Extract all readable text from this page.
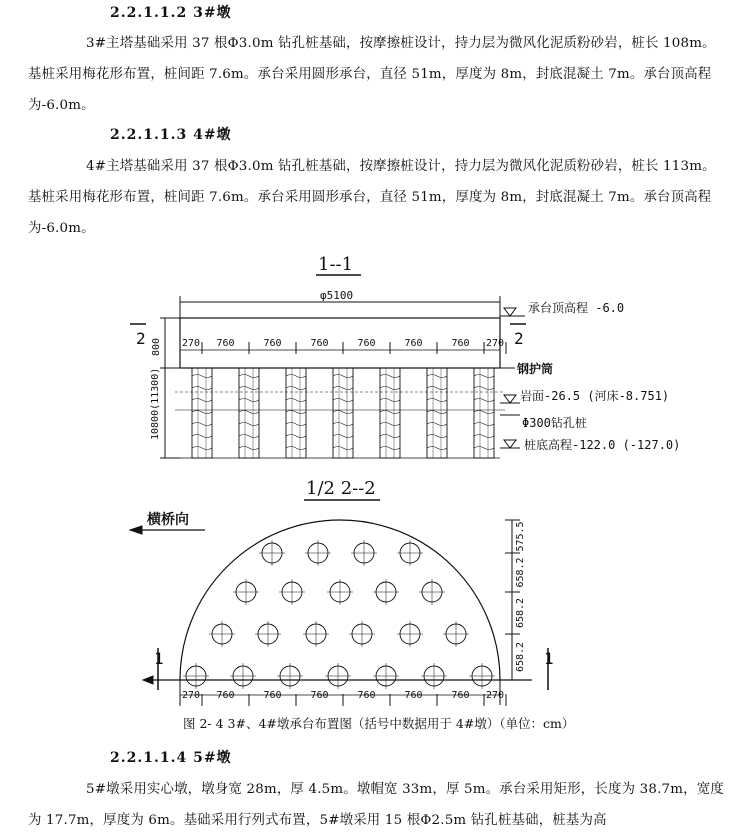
2.2.1.1.2 3#墩
3#主塔基础采用 37 根Φ3.0m 钻孔桩基础，按摩擦桩设计，持力层为微风化泥质粉砂岩，桩长 108m。基桩采用梅花形布置，桩间距 7.6m。承台采用圆形承台，直径 51m，厚度为 8m，封底混凝土 7m。承台顶高程为-6.0m。
2.2.1.1.3 4#墩
4#主塔基础采用 37 根Φ3.0m 钻孔桩基础，按摩擦桩设计，持力层为微风化泥质粉砂岩，桩长 113m。基桩采用梅花形布置，桩间距 7.6m。承台采用圆形承台，直径 51m，厚度为 8m，封底混凝土 7m。承台顶高程为-6.0m。
1--1
φ5100
承台顶高程 -6.0
2	2
270 760	760	760	760	760	760 270
800
10800(11300)	钢护筒
岩面-26.5 (河床-8.751)
Φ300钻孔桩
桩底高程-122.0 (-127.0)
1/2 2--2
横桥向
1	1
270 760	760	760	760	760	760 270
575.5
658.2
658.2
658.2
图 2- 4 3#、4#墩承台布置图（括号中数据用于 4#墩）（单位：cm）
2.2.1.1.4 5#墩
5#墩采用实心墩，墩身宽 28m，厚 4.5m。墩帽宽 33m，厚 5m。承台采用矩形，长度为 38.7m，宽度为 17.7m，厚度为 6m。基础采用行列式布置，5#墩采用 15 根Φ2.5m 钻孔桩基础，桩基为高
